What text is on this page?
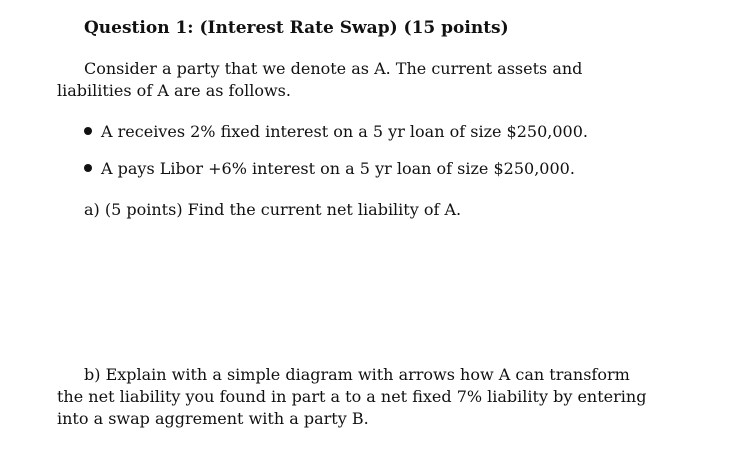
Question 1: (Interest Rate Swap) (15 points)

Consider a party that we denote as A. The current assets and liabilities of A are as follows.

A receives 2% fixed interest on a 5 yr loan of size $250,000.
A pays Libor +6% interest on a 5 yr loan of size $250,000.

a) (5 points) Find the current net liability of A.

b) Explain with a simple diagram with arrows how A can transform the net liability you found in part a to a net fixed 7% liability by entering into a swap aggrement with a party B.
